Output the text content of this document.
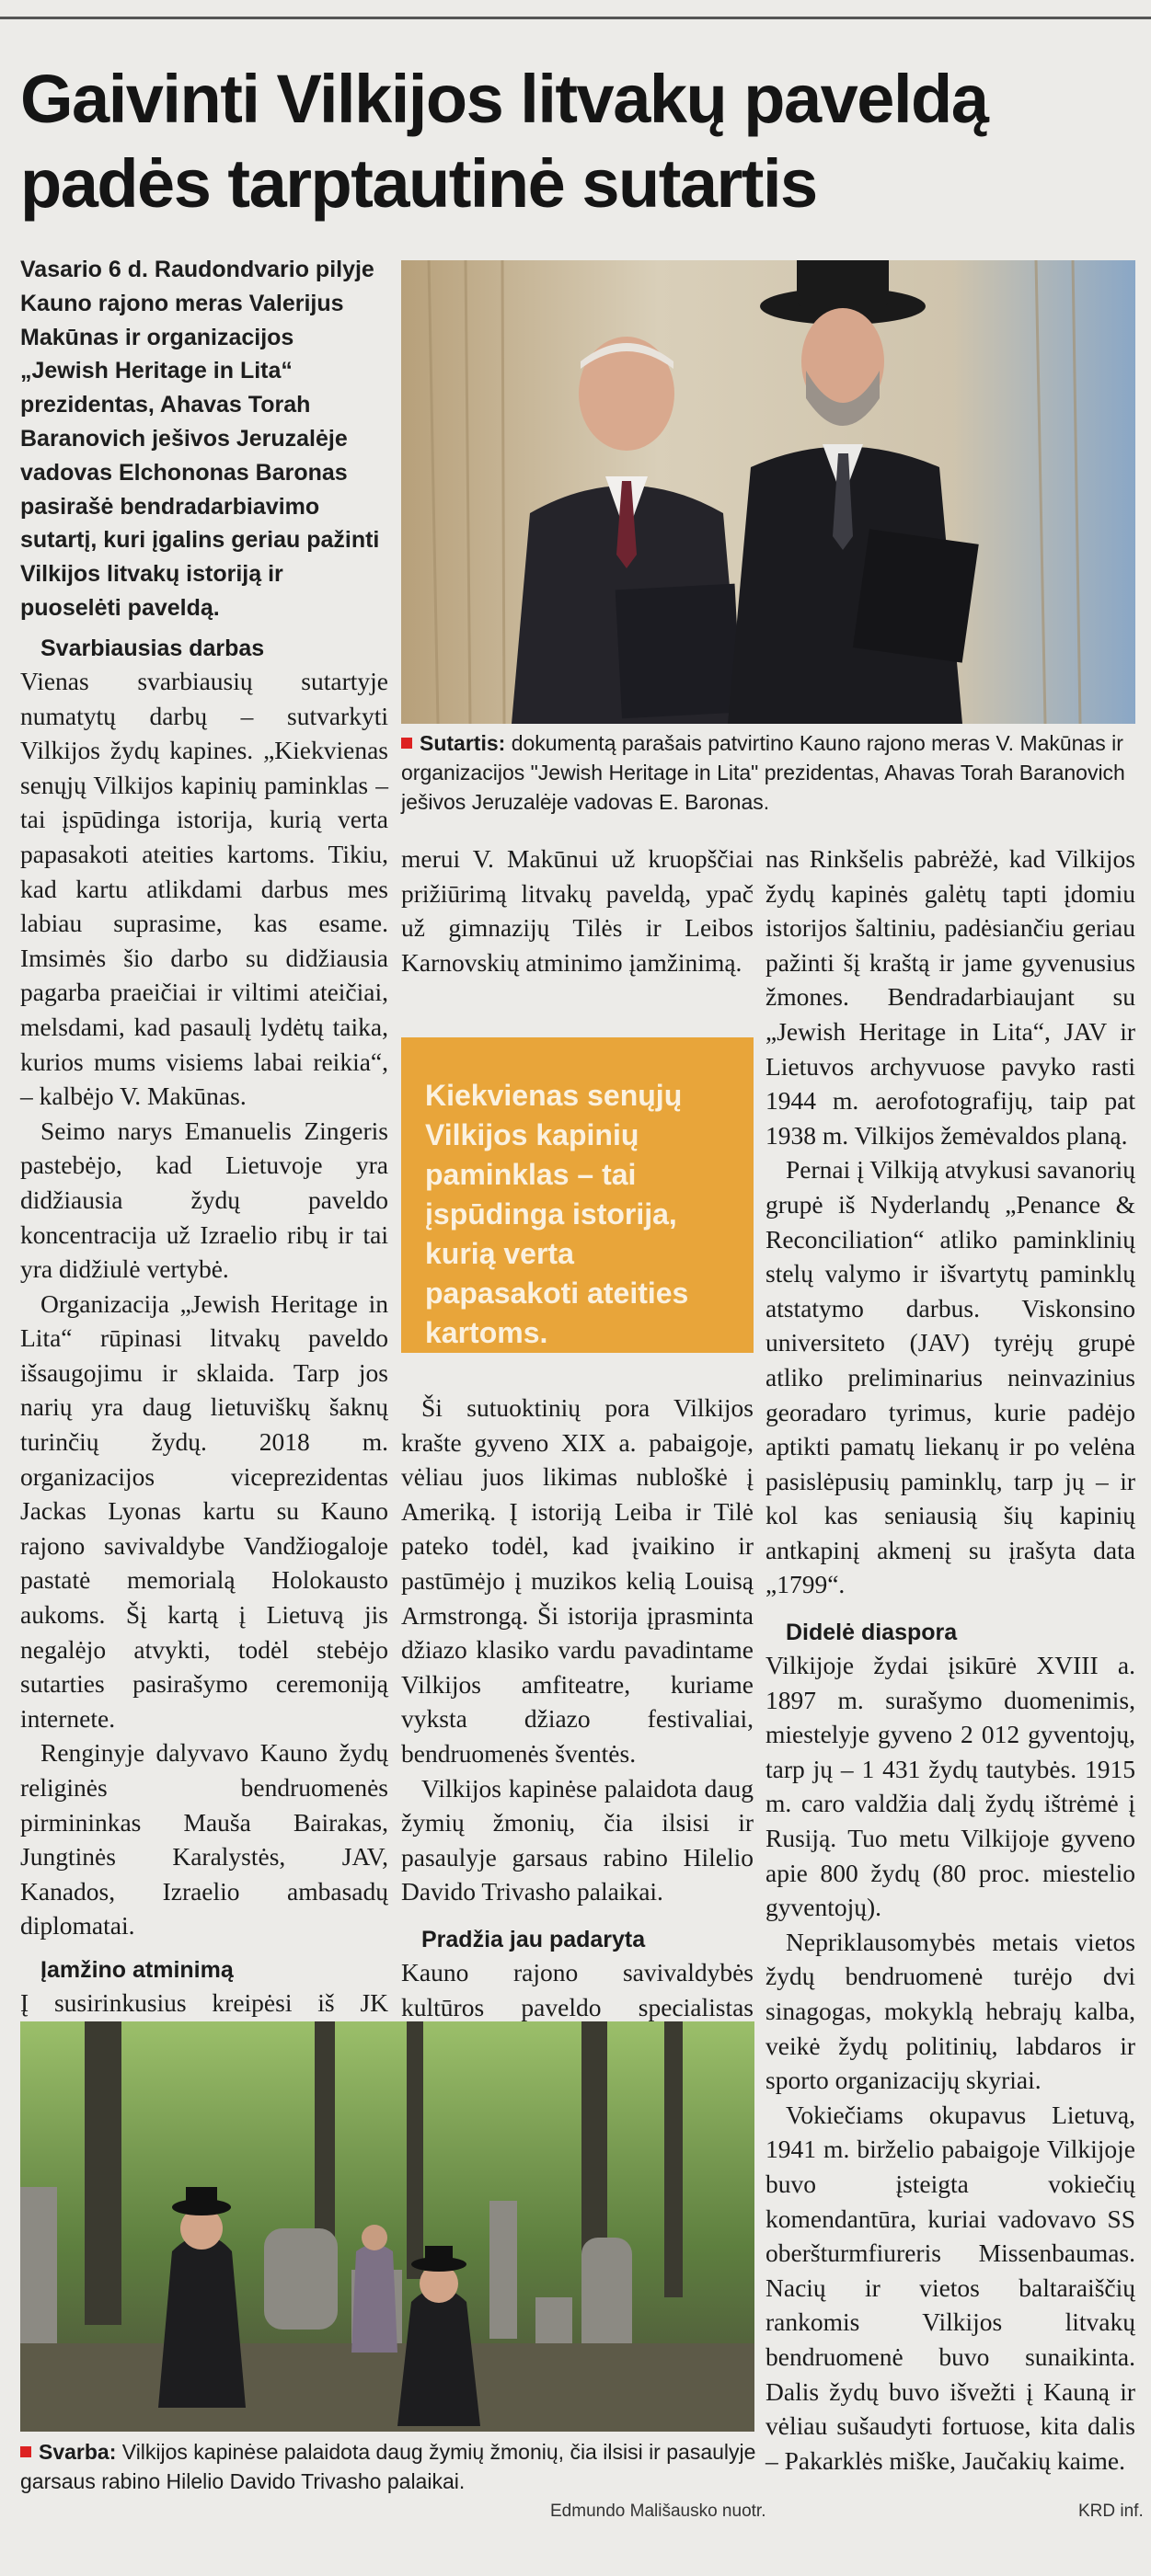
Gaivinti Vilkijos litvakų paveldą
padės tarptautinė sutartis
Vasario 6 d. Raudondvario pilyje Kauno rajono meras Valerijus Makūnas ir organizacijos „Jewish Heritage in Lita“ prezidentas, Ahavas Torah Baranovich ješivos Jeruzalėje vadovas Elchononas Baronas pasirašė bendradarbiavimo sutartį, kuri įgalins geriau pažinti Vilkijos litvakų istoriją ir puoselėti paveldą.
Sutartis: dokumentą parašais patvirtino Kauno rajono meras V. Makūnas ir organizacijos "Jewish Heritage in Lita" prezidentas, Ahavas Torah Baranovich ješivos Jeruzalėje vadovas E. Baronas.

Svarbiausias darbas

Vienas svarbiausių sutartyje numatytų darbų – sutvarkyti Vilkijos žydų kapines. „Kiekvienas senųjų Vilkijos kapinių paminklas – tai įspūdinga istorija, kurią verta papasakoti ateities kartoms. Tikiu, kad kartu atlikdami darbus mes labiau suprasime, kas esame. Imsimės šio darbo su didžiausia pagarba praeičiai ir viltimi ateičiai, melsdami, kad pasaulį lydėtų taika, kurios mums visiems labai reikia“, – kalbėjo V. Makūnas.

Seimo narys Emanuelis Zingeris pastebėjo, kad Lietuvoje yra didžiausia žydų paveldo koncentracija už Izraelio ribų ir tai yra didžiulė vertybė.

Organizacija „Jewish Heritage in Lita“ rūpinasi litvakų paveldo išsaugojimu ir sklaida. Tarp jos narių yra daug lietuviškų šaknų turinčių žydų. 2018 m. organizacijos viceprezidentas Jackas Lyonas kartu su Kauno rajono savivaldybe Vandžiogaloje pastatė memorialą Holokausto aukoms. Šį kartą į Lietuvą jis negalėjo atvykti, todėl stebėjo sutarties pasirašymo ceremoniją internete.

Renginyje dalyvavo Kauno žydų religinės bendruomenės pirmininkas Mauša Bairakas, Jungtinės Karalystės, JAV, Kanados, Izraelio ambasadų diplomatai.

Įamžino atminimą

Į susirinkusius kreipėsi iš JK

merui V. Makūnui už kruopščiai prižiūrimą litvakų paveldą, ypač už gimnazijų Tilės ir Leibos Karnovskių atminimo įamžinimą.

Kiekvienas senųjų Vilkijos kapinių paminklas – tai įspūdinga istorija, kurią verta papasakoti ateities kartoms.

Ši sutuoktinių pora Vilkijos krašte gyveno XIX a. pabaigoje, vėliau juos likimas nubloškė į Ameriką. Į istoriją Leiba ir Tilė pateko todėl, kad įvaikino ir pastūmėjo į muzikos kelią Louisą Armstrongą. Ši istorija įprasminta džiazo klasiko vardu pavadintame Vilkijos amfiteatre, kuriame vyksta džiazo festivaliai, bendruomenės šventės.

Vilkijos kapinėse palaidota daug žymių žmonių, čia ilsisi ir pasaulyje garsaus rabino Hilelio Davido Trivasho palaikai.

Pradžia jau padaryta

Kauno rajono savivaldybės kultūros paveldo specialistas

nas Rinkšelis pabrėžė, kad Vilkijos žydų kapinės galėtų tapti įdomiu istorijos šaltiniu, padėsiančiu geriau pažinti šį kraštą ir jame gyvenusius žmones. Bendradarbiaujant su „Jewish Heritage in Lita“, JAV ir Lietuvos archyvuose pavyko rasti 1944 m. aerofotografijų, taip pat 1938 m. Vilkijos žemėvaldos planą.

Pernai į Vilkiją atvykusi savanorių grupė iš Nyderlandų „Penance & Reconciliation“ atliko paminklinių stelų valymo ir išvartytų paminklų atstatymo darbus. Viskonsino universiteto (JAV) tyrėjų grupė atliko preliminarius neinvazinius georadaro tyrimus, kurie padėjo aptikti pamatų liekanų ir po velėna pasislėpusių paminklų, tarp jų – ir kol kas seniausią šių kapinių antkapinį akmenį su įrašyta data „1799“.

Didelė diaspora

Vilkijoje žydai įsikūrė XVIII a. 1897 m. surašymo duomenimis, miestelyje gyveno 2 012 gyventojų, tarp jų – 1 431 žydų tautybės. 1915 m. caro valdžia dalį žydų ištrėmė į Rusiją. Tuo metu Vilkijoje gyveno apie 800 žydų (80 proc. miestelio gyventojų).

Nepriklausomybės metais vietos žydų bendruomenė turėjo dvi sinagogas, mokyklą hebrajų kalba, veikė žydų politinių, labdaros ir sporto organizacijų skyriai.

Vokiečiams okupavus Lietuvą, 1941 m. birželio pabaigoje Vilkijoje buvo įsteigta vokiečių komendantūra, kuriai vadovavo SS oberšturmfiureris Missenbaumas. Nacių ir vietos baltaraiščių rankomis Vilkijos litvakų bendruomenė buvo sunaikinta. Dalis žydų buvo išvežti į Kauną ir vėliau sušaudyti fortuose, kita dalis – Pakarklės miške, Jaučakių kaime.

Svarba: Vilkijos kapinėse palaidota daug žymių žmonių, čia ilsisi ir pasaulyje garsaus rabino Hilelio Davido Trivasho palaikai.
Edmundo Mališausko nuotr.	KRD inf.
